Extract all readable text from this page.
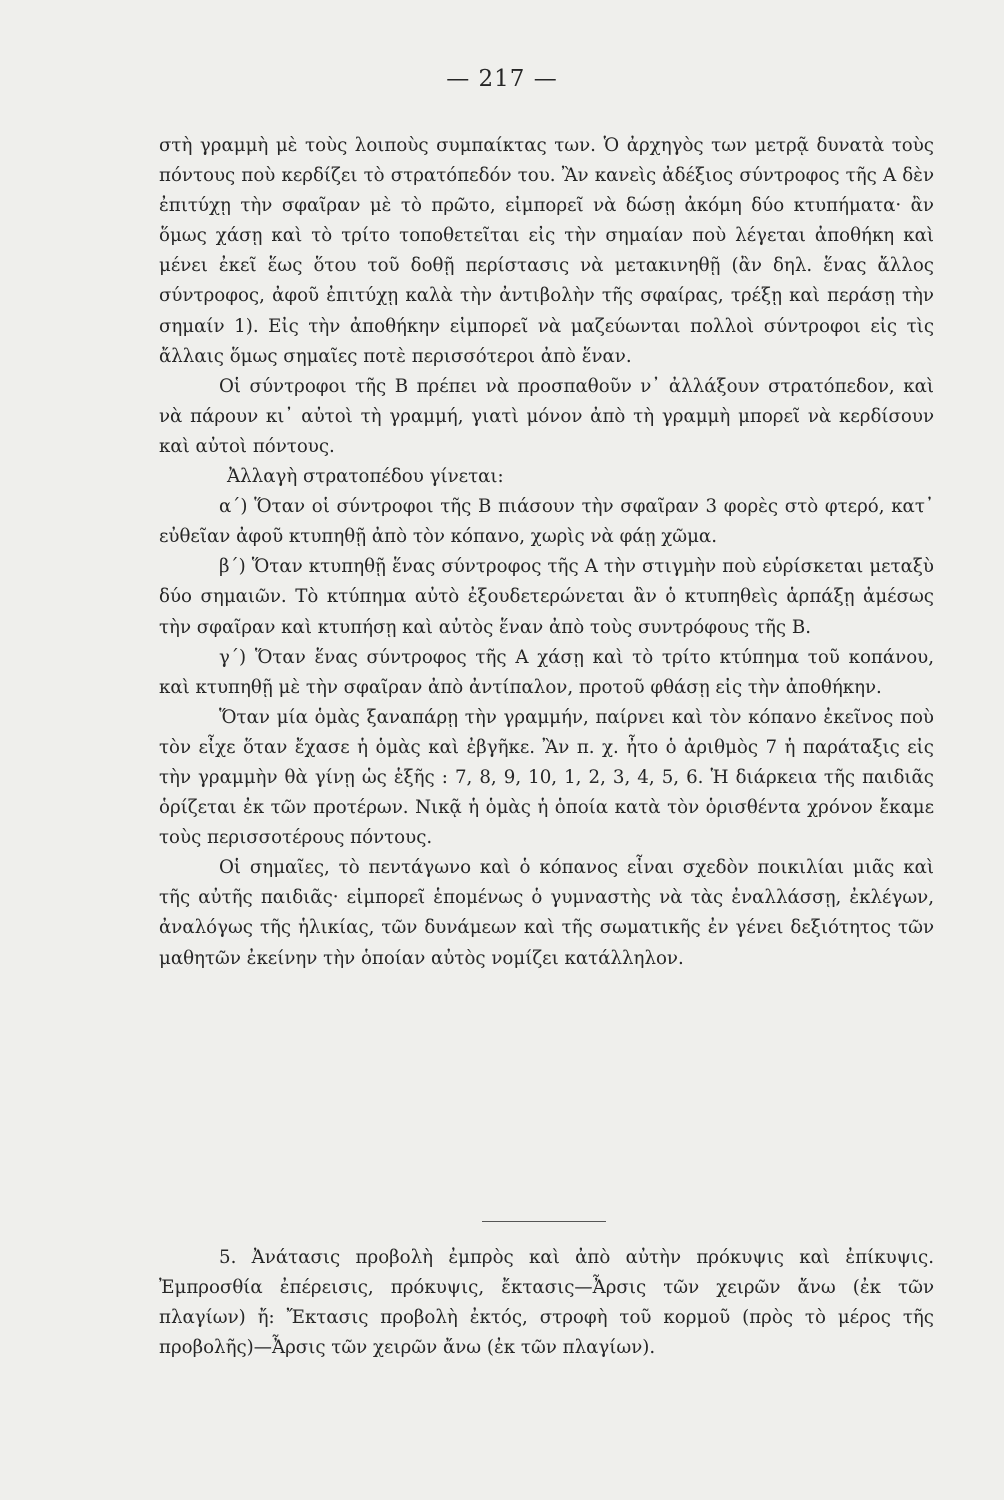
— 217 —

στὴ γραμμὴ μὲ τοὺς λοιποὺς συμπαίκτας των. Ὁ ἀρχηγὸς των μετρᾷ δυνατὰ τοὺς πόντους ποὺ κερδίζει τὸ στρατόπεδόν του. Ἂν κανεὶς ἀδέξιος σύντροφος τῆς Α δὲν ἐπιτύχῃ τὴν σφαῖραν μὲ τὸ πρῶτο, εἰμπορεῖ νὰ δώσῃ ἀκόμη δύο κτυπήματα· ἂν ὅμως χάσῃ καὶ τὸ τρίτο τοποθετεῖται εἰς τὴν σημαίαν ποὺ λέγεται ἀποθήκη καὶ μένει ἐκεῖ ἕως ὅτου τοῦ δοθῇ περίστασις νὰ μετακινηθῇ (ἂν δηλ. ἕνας ἄλλος σύντροφος, ἀφοῦ ἐπιτύχῃ καλὰ τὴν ἀντιβολὴν τῆς σφαίρας, τρέξῃ καὶ περάσῃ τὴν σημαίν 1). Εἰς τὴν ἀποθήκην εἰμπορεῖ νὰ μαζεύωνται πολλοὶ σύντροφοι εἰς τὶς ἄλλαις ὅμως σημαῖες ποτὲ περισσότεροι ἀπὸ ἕναν.

Οἱ σύντροφοι τῆς Β πρέπει νὰ προσπαθοῦν ν᾽ ἀλλάξουν στρατόπεδον, καὶ νὰ πάρουν κι᾽ αὐτοὶ τὴ γραμμή, γιατὶ μόνον ἀπὸ τὴ γραμμὴ μπορεῖ νὰ κερδίσουν καὶ αὐτοὶ πόντους.

Ἀλλαγὴ στρατοπέδου γίνεται:

α΄) Ὅταν οἱ σύντροφοι τῆς Β πιάσουν τὴν σφαῖραν 3 φορὲς στὸ φτερό, κατ᾽ εὐθεῖαν ἀφοῦ κτυπηθῇ ἀπὸ τὸν κόπανο, χωρὶς νὰ φάῃ χῶμα.

β΄) Ὅταν κτυπηθῇ ἕνας σύντροφος τῆς Α τὴν στιγμὴν ποὺ εὑρίσκεται μεταξὺ δύο σημαιῶν. Τὸ κτύπημα αὐτὸ ἐξουδετερώνεται ἂν ὁ κτυπηθεὶς ἁρπάξῃ ἀμέσως τὴν σφαῖραν καὶ κτυπήσῃ καὶ αὐτὸς ἕναν ἀπὸ τοὺς συντρόφους τῆς Β.

γ΄) Ὅταν ἕνας σύντροφος τῆς Α χάσῃ καὶ τὸ τρίτο κτύπημα τοῦ κοπάνου, καὶ κτυπηθῇ μὲ τὴν σφαῖραν ἀπὸ ἀντίπαλον, προτοῦ φθάσῃ εἰς τὴν ἀποθήκην.

Ὅταν μία ὁμὰς ξαναπάρῃ τὴν γραμμήν, παίρνει καὶ τὸν κόπανο ἐκεῖνος ποὺ τὸν εἶχε ὅταν ἔχασε ἡ ὁμὰς καὶ ἐβγῆκε. Ἂν π. χ. ἦτο ὁ ἀριθμὸς 7 ἡ παράταξις εἰς τὴν γραμμὴν θὰ γίνῃ ὡς ἑξῆς : 7, 8, 9, 10, 1, 2, 3, 4, 5, 6. Ἡ διάρκεια τῆς παιδιᾶς ὁρίζεται ἐκ τῶν προτέρων. Νικᾷ ἡ ὁμὰς ἡ ὁποία κατὰ τὸν ὁρισθέντα χρόνον ἔκαμε τοὺς περισσοτέρους πόντους.

Οἱ σημαῖες, τὸ πεντάγωνο καὶ ὁ κόπανος εἶναι σχεδὸν ποικιλίαι μιᾶς καὶ τῆς αὐτῆς παιδιᾶς· εἰμπορεῖ ἑπομένως ὁ γυμναστὴς νὰ τὰς ἐναλλάσσῃ, ἐκλέγων, ἀναλόγως τῆς ἡλικίας, τῶν δυνάμεων καὶ τῆς σωματικῆς ἐν γένει δεξιότητος τῶν μαθητῶν ἐκείνην τὴν ὁποίαν αὐτὸς νομίζει κατάλληλον.

5. Ἀνάτασις προβολὴ ἐμπρὸς καὶ ἀπὸ αὐτὴν πρόκυψις καὶ ἐπίκυψις. Ἐμπροσθία ἐπέρεισις, πρόκυψις, ἔκτασις—Ἆρσις τῶν χειρῶν ἄνω (ἐκ τῶν πλαγίων) ἤ: Ἔκτασις προβολὴ ἐκτός, στροφὴ τοῦ κορμοῦ (πρὸς τὸ μέρος τῆς προβολῆς)—Ἆρσις τῶν χειρῶν ἄνω (ἐκ τῶν πλαγίων).
